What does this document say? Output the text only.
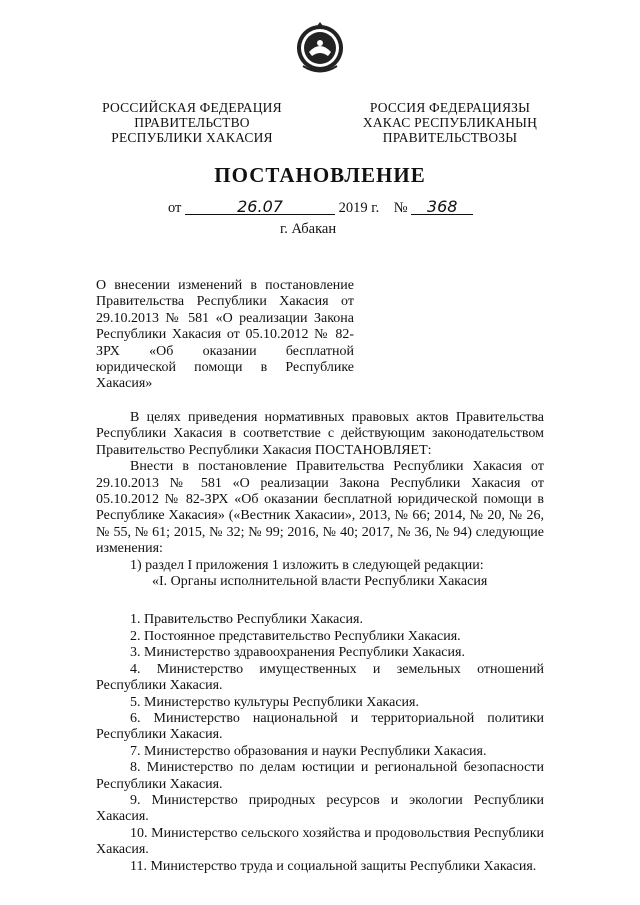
РОССИЙСКАЯ ФЕДЕРАЦИЯ
ПРАВИТЕЛЬСТВО
РЕСПУБЛИКИ ХАКАСИЯ
РОССИЯ ФЕДЕРАЦИЯЗЫ
ХАКАС РЕСПУБЛИКАНЫҢ
ПРАВИТЕЛЬСТВОЗЫ
ПОСТАНОВЛЕНИЕ
от	26.07	2019 г. № 368
г. Абакан
О внесении изменений в постановление Правительства Республики Хакасия от 29.10.2013 № 581 «О реализации Закона Республики Хакасия от 05.10.2012 № 82-ЗРХ «Об оказании бесплатной юридической помощи в Республике Хакасия»

В целях приведения нормативных правовых актов Правительства Республики Хакасия в соответствие с действующим законодательством Правительство Республики Хакасия ПОСТАНОВЛЯЕТ:

Внести в постановление Правительства Республики Хакасия от 29.10.2013 № 581 «О реализации Закона Республики Хакасия от 05.10.2012 № 82-ЗРХ «Об оказании бесплатной юридической помощи в Республике Хакасия» («Вестник Хакасии», 2013, № 66; 2014, № 20, № 26, № 55, № 61; 2015, № 32; № 99; 2016, № 40; 2017, № 36, № 94) следующие изменения:

1) раздел I приложения 1 изложить в следующей редакции:

«I. Органы исполнительной власти Республики Хакасия

1. Правительство Республики Хакасия.

2. Постоянное представительство Республики Хакасия.

3. Министерство здравоохранения Республики Хакасия.

4. Министерство имущественных и земельных отношений Республики Хакасия.

5. Министерство культуры Республики Хакасия.

6. Министерство национальной и территориальной политики Республики Хакасия.

7. Министерство образования и науки Республики Хакасия.

8. Министерство по делам юстиции и региональной безопасности Республики Хакасия.

9. Министерство природных ресурсов и экологии Республики Хакасия.

10. Министерство сельского хозяйства и продовольствия Республики Хакасия.

11. Министерство труда и социальной защиты Республики Хакасия.
